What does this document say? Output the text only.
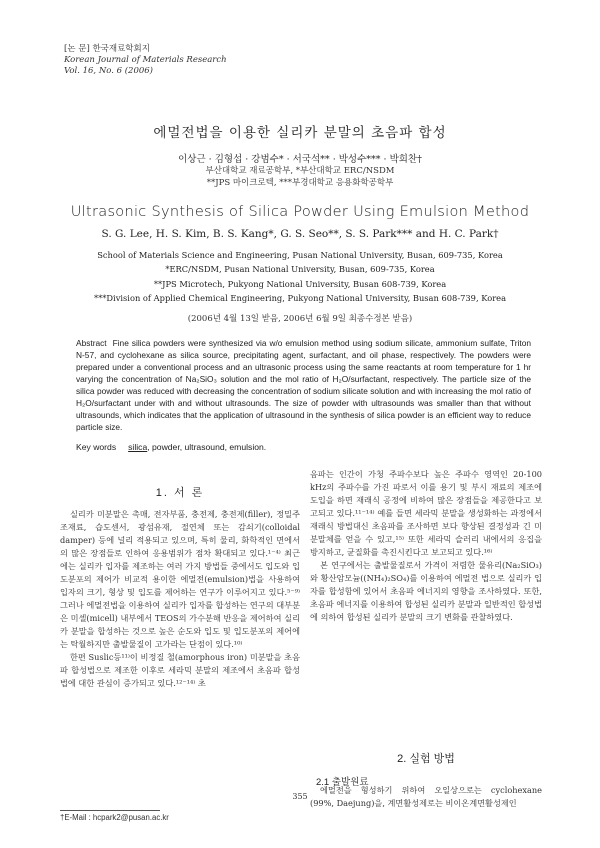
[논 문] 한국재료학회지
Korean Journal of Materials Research
Vol. 16, No. 6 (2006)
에멀전법을 이용한 실리카 분말의 초음파 합성
이상근 · 김형섭 · 강범수* · 서국석** · 박성수*** · 박희찬†
부산대학교 재료공학부, *부산대학교 ERC/NSDM
**JPS 마이크로텍, ***부경대학교 응용화학공학부
Ultrasonic Synthesis of Silica Powder Using Emulsion Method
S. G. Lee, H. S. Kim, B. S. Kang*, G. S. Seo**, S. S. Park*** and H. C. Park†
School of Materials Science and Engineering, Pusan National University, Busan, 609-735, Korea
*ERC/NSDM, Pusan National University, Busan, 609-735, Korea
**JPS Microtech, Pukyong National University, Busan 608-739, Korea
***Division of Applied Chemical Engineering, Pukyong National University, Busan 608-739, Korea
(2006년 4월 13일 받음, 2006년 6월 9일 최종수정본 받음)
Abstract Fine silica powders were synthesized via w/o emulsion method using sodium silicate, ammonium sulfate, Triton N-57, and cyclohexane as silica source, precipitating agent, surfactant, and oil phase, respectively. The powders were prepared under a conventional process and an ultrasonic process using the same reactants at room temperature for 1 hr varying the concentration of Na₂SiO₃ solution and the mol ratio of H₂O/surfactant, respectively. The particle size of the silica powder was reduced with decreasing the concentration of sodium silicate solution and with increasing the mol ratio of H₂O/surfactant under with and without ultrasounds. The size of powder with ultrasounds was smaller than that without ultrasounds, which indicates that the application of ultrasound in the synthesis of silica powder is an efficient way to reduce particle size.
Key words silica, powder, ultrasound, emulsion.
1. 서 론

실리카 미분말은 촉매, 전자부품, 충전제, 충전제(filler), 정밀주조재료, 습도센서, 광섬유재, 절연체 또는 감쇠기(colloidal damper) 등에 널리 적용되고 있으며, 특히 물리, 화학적인 면에서의 많은 장점들로 인하여 응용범위가 점차 확대되고 있다.¹⁻⁴⁾ 최근에는 실리카 입자를 제조하는 여러 가지 방법들 중에서도 입도와 입도분포의 제어가 비교적 용이한 에멀전(emulsion)법을 사용하여 입자의 크기, 형상 및 입도를 제어하는 연구가 이루어지고 있다.⁵⁻⁹⁾ 그러나 에멀전법을 이용하여 실리카 입자를 합성하는 연구의 대부분은 미셀(micell) 내부에서 TEOS의 가수분해 반응을 제어하여 실리카 분말을 합성하는 것으로 높은 순도와 입도 및 입도분포의 제어에는 탁월하지만 출발물질이 고가라는 단점이 있다.¹⁰⁾

한편 Suslic등¹¹⁾이 비정질 철(amorphous iron) 미분말을 초음파 합성법으로 제조한 이후로 세라믹 분말의 제조에서 초음파 합성법에 대한 관심이 증가되고 있다.¹²⁻¹⁴⁾ 초

음파는 인간이 가청 주파수보다 높은 주파수 영역인 20-100 kHz의 주파수를 가진 파로서 이를 용기 및 부시 재료의 제조에 도입을 하면 재래식 공정에 비하여 많은 장점들을 제공한다고 보고되고 있다.¹¹⁻¹⁴⁾ 예를 들면 세라믹 분말을 생성화하는 과정에서 재래식 방법대신 초음파를 조사하면 보다 향상된 결정성과 긴 미분말체를 얻을 수 있고,¹⁵⁾ 또한 세라믹 슬러리 내에서의 응집을 방지하고, 균질화를 촉진시킨다고 보고되고 있다.¹⁶⁾

본 연구에서는 출발물질로서 가격이 저렴한 물유리(Na₂SiO₃)와 황산암모늄((NH₄)₂SO₄)를 이용하여 에멀전 법으로 실리카 입자를 합성함에 있어서 초음파 에너지의 영향을 조사하였다. 또한, 초음파 에너지를 이용하여 합성된 실리카 분말과 일반적인 합성법에 의하여 합성된 실리카 분말의 크기 변화를 관찰하였다.

2. 실험 방법
2.1 출발원료

에멀전을 형성하기 위하여 오일상으로는 cyclohexane (99%, Daejung)을, 계면활성제로는 비이온계면활성제인

355
†E-Mail : hcpark2@pusan.ac.kr
